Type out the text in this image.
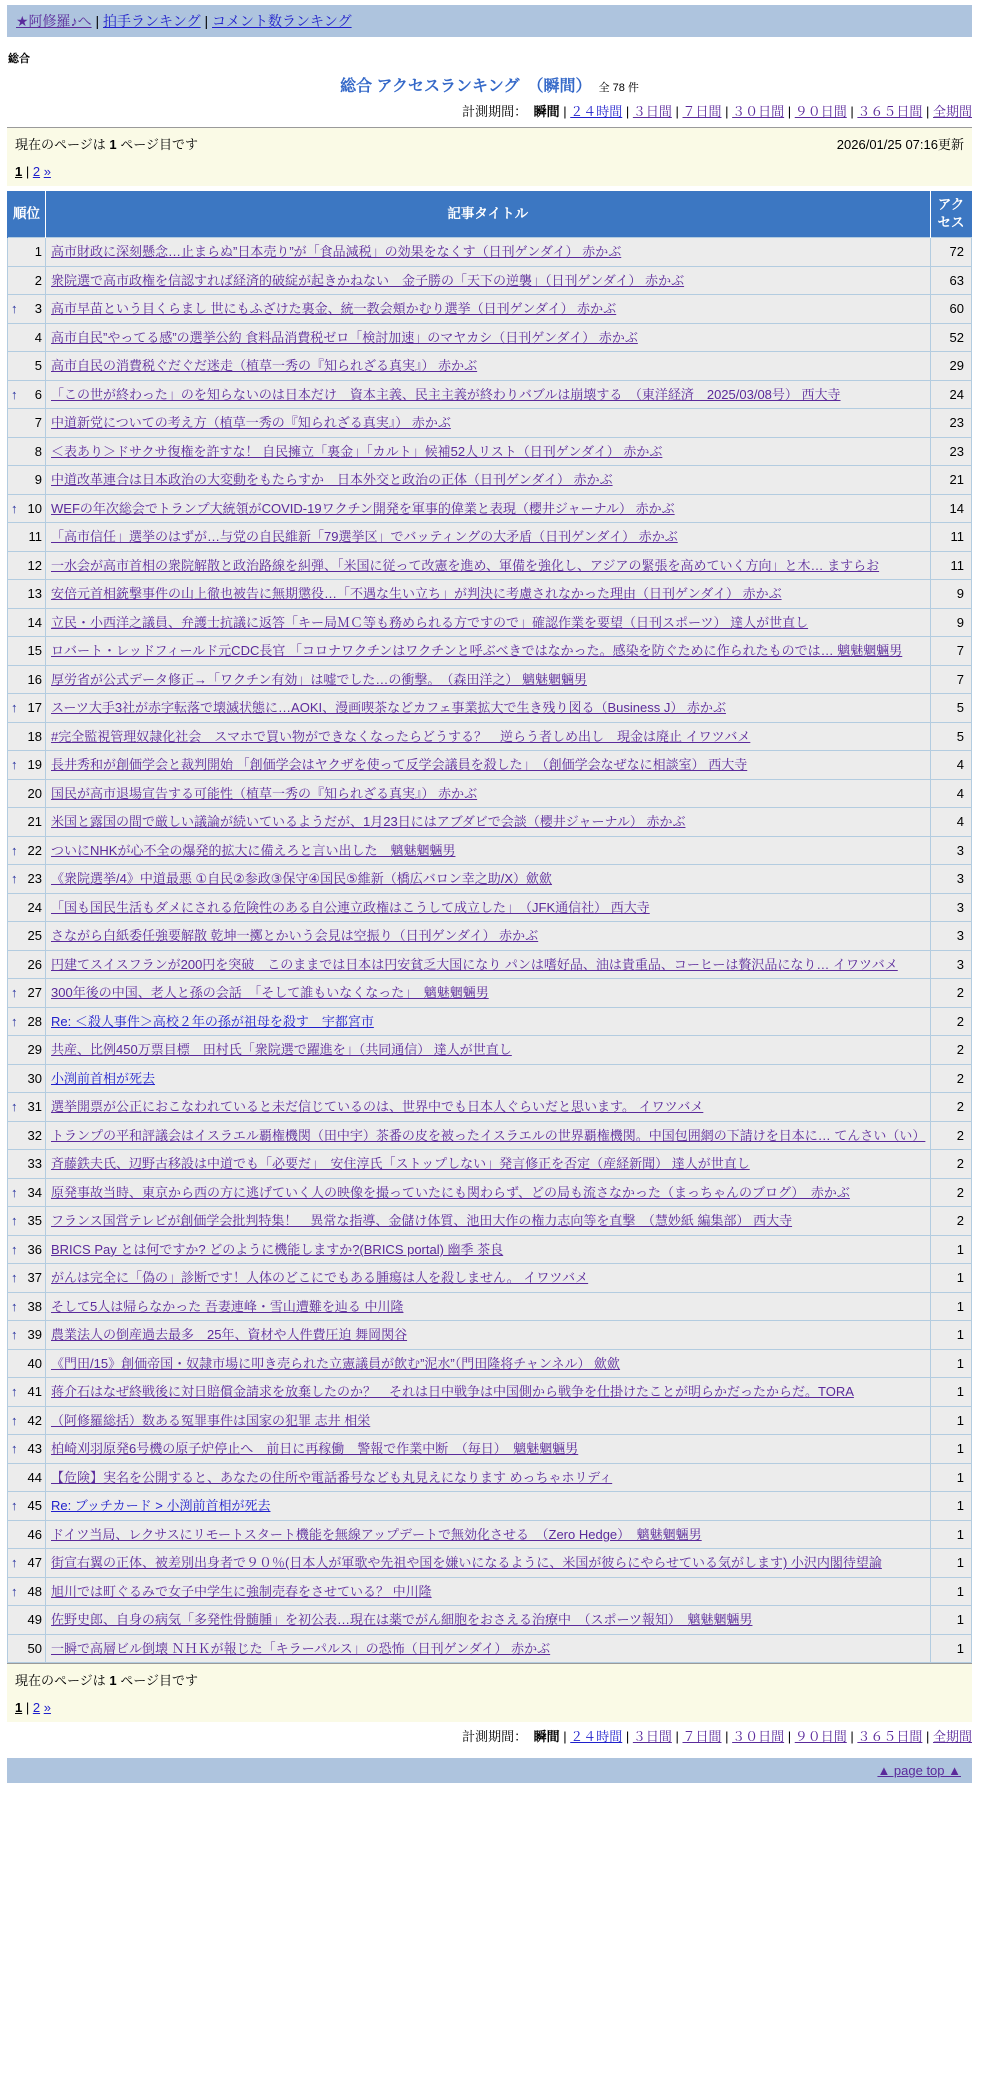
★阿修羅♪へ | 拍手ランキング | コメント数ランキング
総合
総合 アクセスランキング　（瞬間） 全 78 件
計測期間：　瞬間 | ２４時間 | ３日間 | ７日間 | ３０日間 | ９０日間 | ３６５日間 | 全期間
現在のページは 1 ページ目です	2026/01/25 07:16更新
1 | 2 »
順位	記事タイトル	アクセス

1	高市財政に深刻懸念…止まらぬ”日本売り”が「食品減税」の効果をなくす（日刊ゲンダイ） 赤かぶ	72

2	衆院選で高市政権を信認すれば経済的破綻が起きかねない　金子勝の「天下の逆襲」（日刊ゲンダイ） 赤かぶ	63

↑ 3	高市早苗という目くらまし 世にもふざけた裏金、統一教会頬かむり選挙（日刊ゲンダイ） 赤かぶ	60

4	高市自民”やってる感”の選挙公約 食料品消費税ゼロ「検討加速」のマヤカシ（日刊ゲンダイ） 赤かぶ	52

5	高市自民の消費税ぐだぐだ迷走（植草一秀の『知られざる真実』） 赤かぶ	29

↑ 6	「この世が終わった」のを知らないのは日本だけ　資本主義、民主主義が終わりバブルは崩壊する　（東洋経済　2025/03/08号） 西大寺	24

7	中道新党についての考え方（植草一秀の『知られざる真実』） 赤かぶ	23

8	＜表あり＞ドサクサ復権を許すな！ 自民擁立「裏金」「カルト」候補52人リスト（日刊ゲンダイ） 赤かぶ	23

9	中道改革連合は日本政治の大変動をもたらすか　日本外交と政治の正体（日刊ゲンダイ） 赤かぶ	21

↑ 10	WEFの年次総会でトランプ大統領がCOVID-19ワクチン開発を軍事的偉業と表現（櫻井ジャーナル） 赤かぶ	14

11	「高市信任」選挙のはずが…与党の自民維新「79選挙区」でバッティングの大矛盾（日刊ゲンダイ） 赤かぶ	11

12	一水会が高市首相の衆院解散と政治路線を糾弾、「米国に従って改憲を進め、軍備を強化し、アジアの緊張を高めていく方向」と木… ますらお	11

13	安倍元首相銃撃事件の山上徹也被告に無期懲役…「不遇な生い立ち」が判決に考慮されなかった理由（日刊ゲンダイ） 赤かぶ	9

14	立民・小西洋之議員、弁護士抗議に返答「キー局ＭＣ等も務められる方ですので」確認作業を要望（日刊スポーツ） 達人が世直し	9

15	ロバート・レッドフィールド元CDC長官 「コロナワクチンはワクチンと呼ぶべきではなかった。感染を防ぐために作られたものでは… 魑魅魍魎男	7

16	厚労省が公式データ修正→「ワクチン有効」は嘘でした…の衝撃。　（森田洋之） 魑魅魍魎男	7

↑ 17	スーツ大手3社が赤字転落で壊滅状態に…AOKI、漫画喫茶などカフェ事業拡大で生き残り図る（Business J） 赤かぶ	5

18	#完全監視管理奴隷化社会　スマホで買い物ができなくなったらどうする？　逆らう者しめ出し　現金は廃止 イワツバメ	5

↑ 19	長井秀和が創価学会と裁判開始 「創価学会はヤクザを使って反学会議員を殺した」　（創価学会なぜなに相談室） 西大寺	4

20	国民が高市退場宣告する可能性（植草一秀の『知られざる真実』） 赤かぶ	4

21	米国と露国の間で厳しい議論が続いているようだが、1月23日にはアブダビで会談（櫻井ジャーナル） 赤かぶ	4

↑ 22	ついにNHKが心不全の爆発的拡大に備えろと言い出した　魑魅魍魎男	3

↑ 23	《衆院選挙/4》中道最悪 ①自民②参政③保守④国民⑤維新（橋広バロン幸之助/X）歛歛	3

24	「国も国民生活もダメにされる危険性のある自公連立政権はこうして成立した」　（JFK通信社） 西大寺	3

25	さながら白紙委任強要解散 乾坤一擲とかいう会見は空振り（日刊ゲンダイ） 赤かぶ	3

26	円建てスイスフランが200円を突破　このままでは日本は円安貧乏大国になり パンは嗜好品、油は貴重品、コーヒーは贅沢品になり… イワツバメ	3

↑ 27	300年後の中国、老人と孫の会話　「そして誰もいなくなった」　魑魅魍魎男	2

↑ 28	Re: ＜殺人事件＞高校２年の孫が祖母を殺す　宇都宮市	2

29	共産、比例450万票目標　田村氏「衆院選で躍進を」（共同通信） 達人が世直し	2

30	小渕前首相が死去	2

↑ 31	選挙開票が公正におこなわれていると未だ信じているのは、世界中でも日本人ぐらいだと思います。 イワツバメ	2

32	トランプの平和評議会はイスラエル覇権機関（田中宇）茶番の皮を被ったイスラエルの世界覇権機関。中国包囲網の下請けを日本に… てんさい（い）	2

33	斉藤鉄夫氏、辺野古移設は中道でも「必要だ」　安住淳氏「ストップしない」発言修正を否定（産経新聞） 達人が世直し	2

↑ 34	原発事故当時、東京から西の方に逃げていく人の映像を撮っていたにも関わらず、どの局も流さなかった（まっちゃんのブログ）　赤かぶ	2

↑ 35	フランス国営テレビが創価学会批判特集！　異常な指導、金儲け体質、池田大作の権力志向等を直撃　（慧妙紙 編集部） 西大寺	2

↑ 36	BRICS Pay とは何ですか? どのように機能しますか?(BRICS portal) 幽季 茶良	1

↑ 37	がんは完全に「偽の」診断です！人体のどこにでもある腫瘍は人を殺しません。 イワツバメ	1

↑ 38	そして5人は帰らなかった 吾妻連峰・雪山遭難を辿る 中川隆	1

↑ 39	農業法人の倒産過去最多　25年、資材や人件費圧迫 舞岡関谷	1

40	《門田/15》創価帝国・奴隷市場に叩き売られた立憲議員が飲む”泥水”（門田隆将チャンネル） 歛歛	1

↑ 41	蒋介石はなぜ終戦後に対日賠償金請求を放棄したのか？　それは日中戦争は中国側から戦争を仕掛けたことが明らかだったからだ。TORA	1

↑ 42	（阿修羅総括）数ある冤罪事件は国家の犯罪 志井 相栄	1

↑ 43	柏崎刈羽原発6号機の原子炉停止へ　前日に再稼働　警報で作業中断　（毎日）　魑魅魍魎男	1

44	【危険】実名を公開すると、あなたの住所や電話番号なども丸見えになります めっちゃホリディ	1

↑ 45	Re: ブッチカード > 小渕前首相が死去	1

46	ドイツ当局、レクサスにリモートスタート機能を無線アップデートで無効化させる　（Zero Hedge）　魑魅魍魎男	1

↑ 47	街宣右翼の正体、被差別出身者で９０％(日本人が軍歌や先祖や国を嫌いになるように、米国が彼らにやらせている気がします) 小沢内閣待望論	1

↑ 48	旭川では町ぐるみで女子中学生に強制売春をさせている？ 中川隆	1

49	佐野史郎、自身の病気「多発性骨髄腫」を初公表…現在は薬でがん細胞をおさえる治療中　（スポーツ報知）　魑魅魍魎男	1

50	一瞬で高層ビル倒壊 ＮＨＫが報じた「キラーパルス」の恐怖（日刊ゲンダイ） 赤かぶ	1
現在のページは 1 ページ目です
1 | 2 »
計測期間：　瞬間 | ２４時間 | ３日間 | ７日間 | ３０日間 | ９０日間 | ３６５日間 | 全期間
▲ page top ▲
